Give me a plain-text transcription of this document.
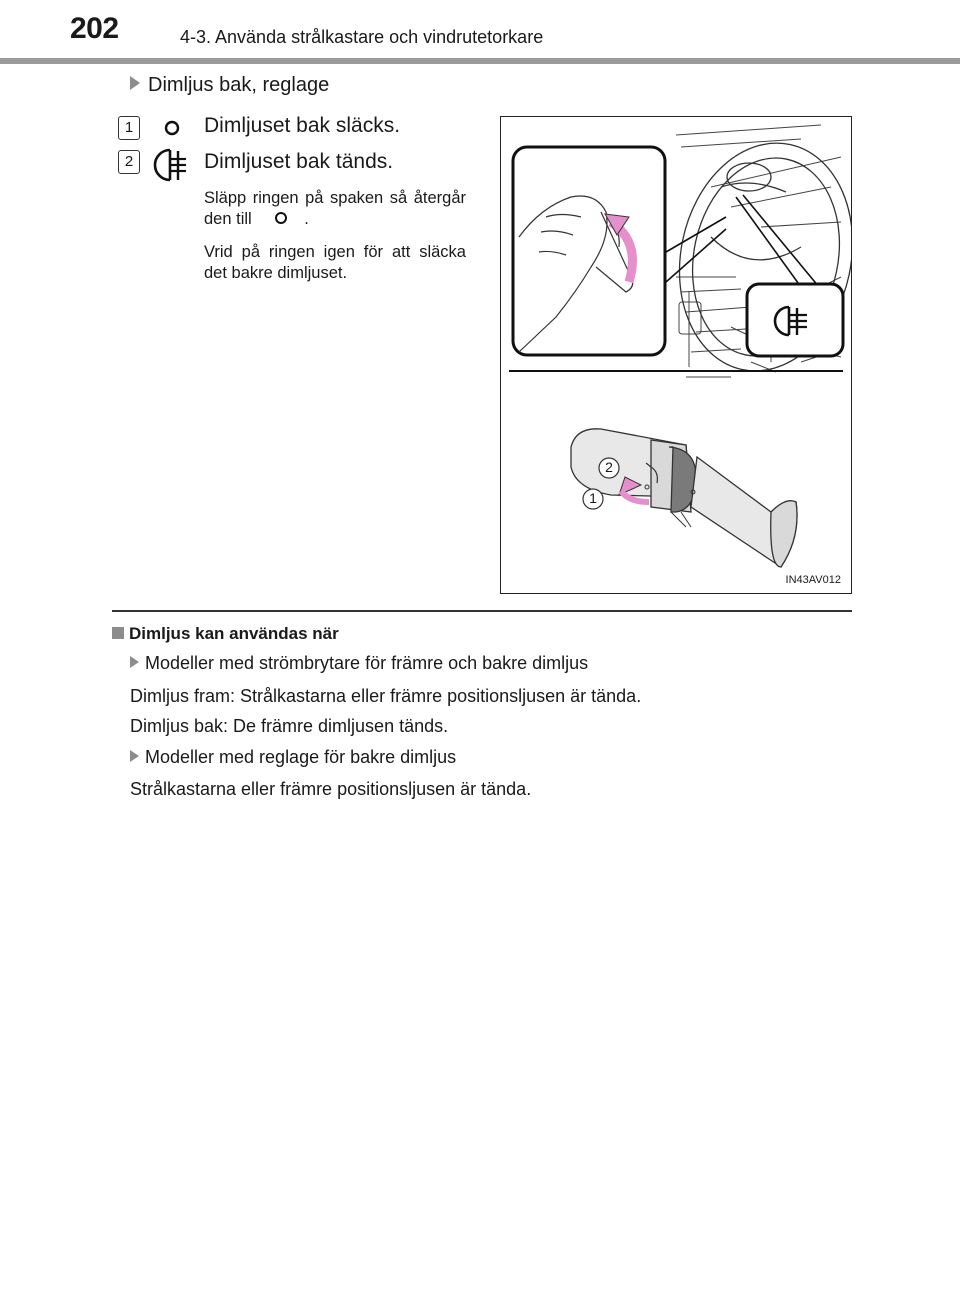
202	4-3. Använda strålkastare och vindrutetorkare
Dimljus bak, reglage
1	Dimljuset bak släcks.
2	Dimljuset bak tänds.
Släpp ringen på spaken så återgår den till	.
Vrid på ringen igen för att släcka det bakre dimljuset.
2
1
IN43AV012
Dimljus kan användas när
Modeller med strömbrytare för främre och bakre dimljus
Dimljus fram: Strålkastarna eller främre positionsljusen är tända.
Dimljus bak: De främre dimljusen tänds.
Modeller med reglage för bakre dimljus
Strålkastarna eller främre positionsljusen är tända.
